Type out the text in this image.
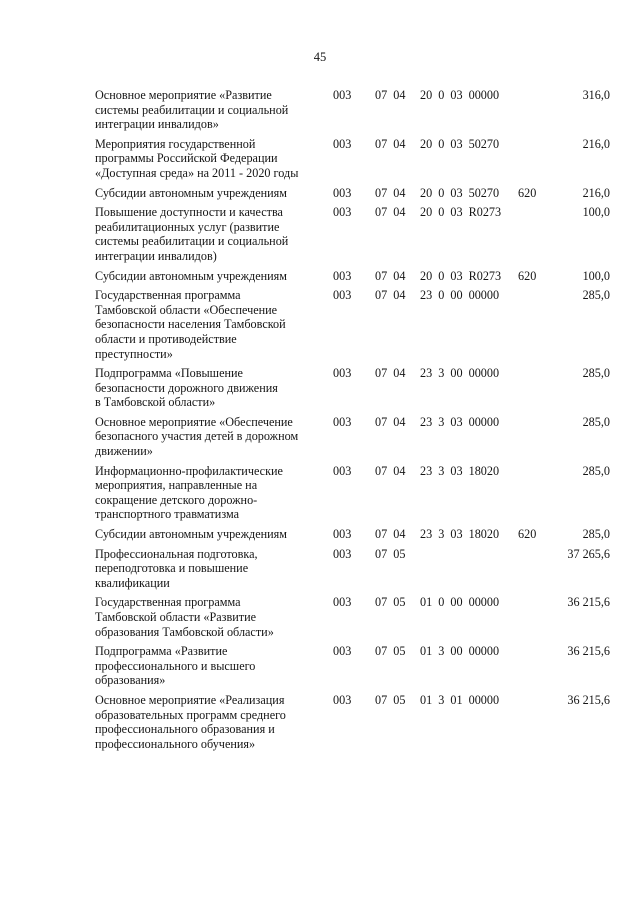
45
Основное мероприятие «Развитие
системы реабилитации и социальной
интеграции инвалидов»
003	07 04	20 0 03 00000	316,0
Мероприятия государственной
программы Российской Федерации
«Доступная среда» на 2011 - 2020 годы
003	07 04	20 0 03 50270	216,0
Субсидии автономным учреждениям	003	07 04	20 0 03 50270	620	216,0
Повышение доступности и качества
реабилитационных услуг (развитие
системы реабилитации и социальной
интеграции инвалидов)
003	07 04	20 0 03 R0273	100,0
Субсидии автономным учреждениям	003	07 04	20 0 03 R0273	620	100,0
Государственная программа
Тамбовской области «Обеспечение
безопасности населения Тамбовской
области и противодействие
преступности»
003	07 04	23 0 00 00000	285,0
Подпрограмма «Повышение
безопасности дорожного движения
в Тамбовской области»
003	07 04	23 3 00 00000	285,0
Основное мероприятие «Обеспечение
безопасного участия детей в дорожном
движении»
003	07 04	23 3 03 00000	285,0
Информационно-профилактические
мероприятия, направленные на
сокращение детского дорожно-
транспортного травматизма
003	07 04	23 3 03 18020	285,0
Субсидии автономным учреждениям	003	07 04	23 3 03 18020	620	285,0
Профессиональная подготовка,
переподготовка и повышение
квалификации
003	07 05	37 265,6
Государственная программа
Тамбовской области «Развитие
образования Тамбовской области»
003	07 05	01 0 00 00000	36 215,6
Подпрограмма «Развитие
профессионального и высшего
образования»
003	07 05	01 3 00 00000	36 215,6
Основное мероприятие «Реализация
образовательных программ среднего
профессионального образования и
профессионального обучения»
003	07 05	01 3 01 00000	36 215,6
